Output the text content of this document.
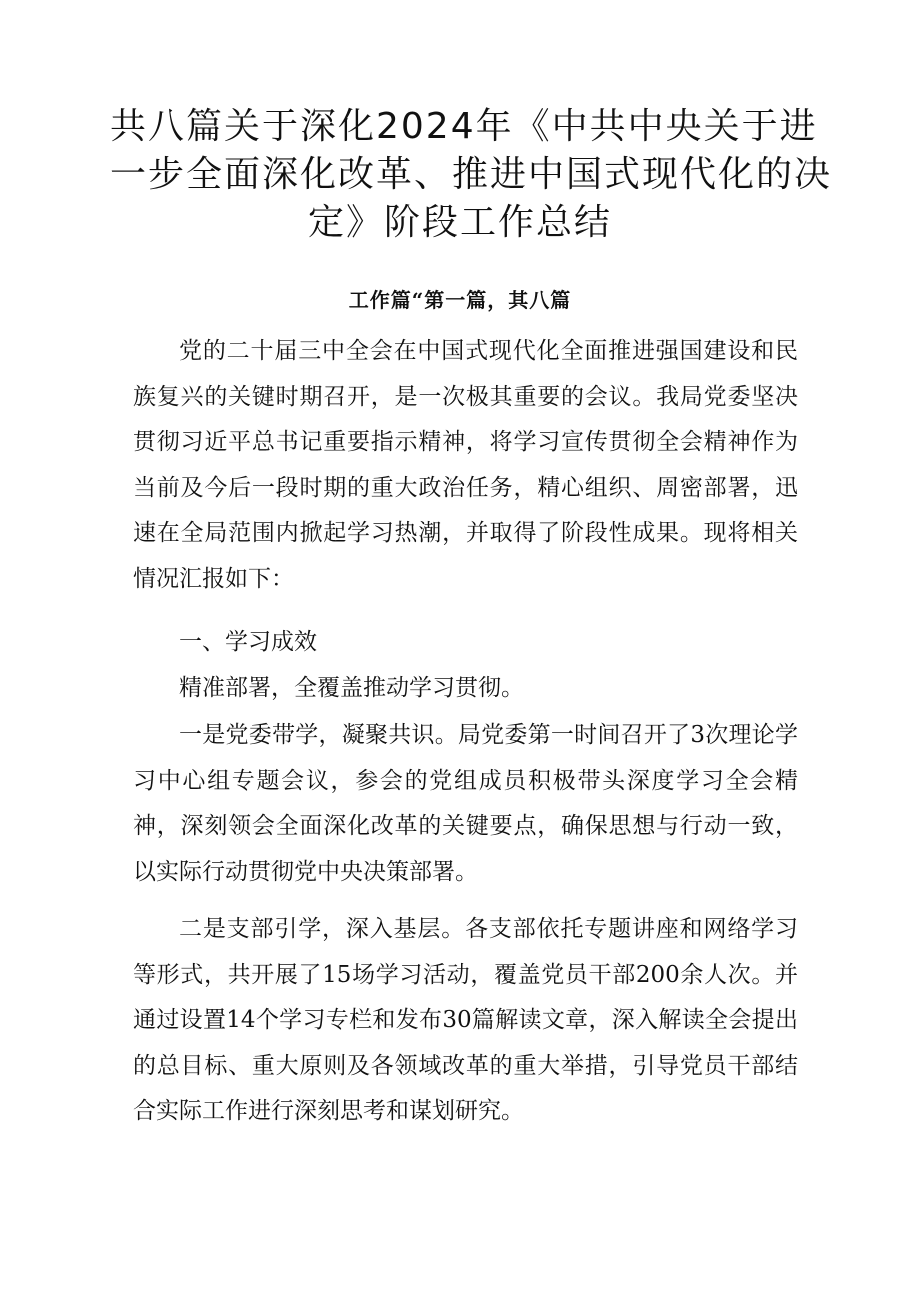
共八篇关于深化2024年《中共中央关于进
一步全面深化改革、推进中国式现代化的决
定》阶段工作总结
工作篇“第一篇，其八篇
党的二十届三中全会在中国式现代化全面推进强国建设和民族复兴的关键时期召开，是一次极其重要的会议。我局党委坚决贯彻习近平总书记重要指示精神，将学习宣传贯彻全会精神作为当前及今后一段时期的重大政治任务，精心组织、周密部署，迅速在全局范围内掀起学习热潮，并取得了阶段性成果。现将相关情况汇报如下：
一、学习成效
精准部署，全覆盖推动学习贯彻。
一是党委带学，凝聚共识。局党委第一时间召开了3次理论学习中心组专题会议，参会的党组成员积极带头深度学习全会精神，深刻领会全面深化改革的关键要点，确保思想与行动一致，以实际行动贯彻党中央决策部署。
二是支部引学，深入基层。各支部依托专题讲座和网络学习等形式，共开展了15场学习活动，覆盖党员干部200余人次。并通过设置14个学习专栏和发布30篇解读文章，深入解读全会提出的总目标、重大原则及各领域改革的重大举措，引导党员干部结合实际工作进行深刻思考和谋划研究。
